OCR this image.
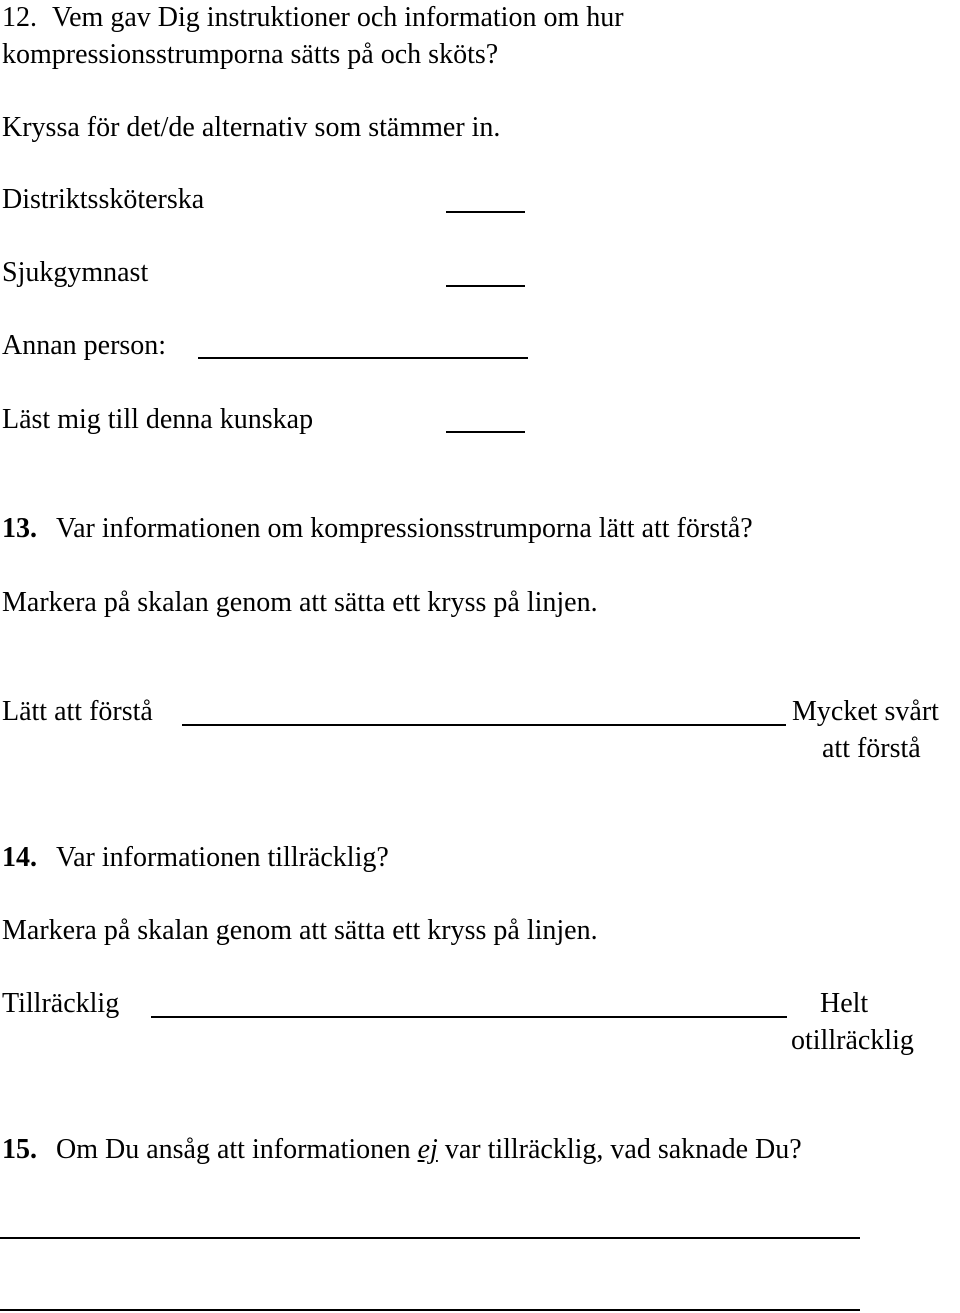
12. Vem gav Dig instruktioner och information om hur
kompressionsstrumporna sätts på och sköts?
Kryssa för det/de alternativ som stämmer in.
Distriktssköterska
Sjukgymnast
Annan person:
Läst mig till denna kunskap
13. Var informationen om kompressionsstrumporna lätt att förstå?
Markera på skalan genom att sätta ett kryss på linjen.
Lätt att förstå	Mycket svårt
att förstå
14. Var informationen tillräcklig?
Markera på skalan genom att sätta ett kryss på linjen.
Tillräcklig	Helt
otillräcklig
15. Om Du ansåg att informationen ej var tillräcklig, vad saknade Du?
